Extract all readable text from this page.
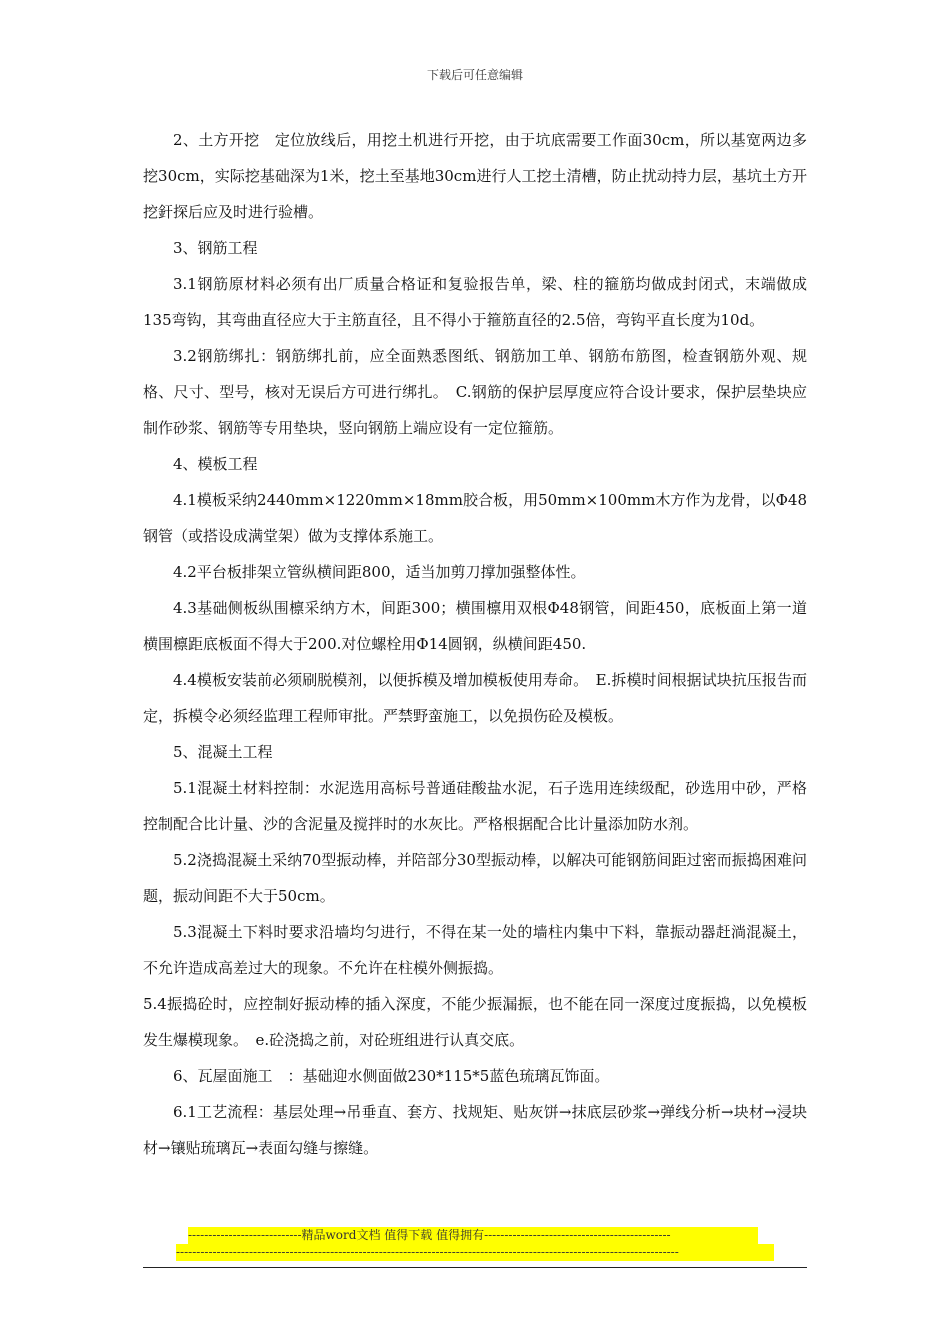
下载后可任意编辑

2、土方开挖　定位放线后，用挖土机进行开挖，由于坑底需要工作面30cm，所以基宽两边多挖30cm，实际挖基础深为1米，挖土至基地30cm进行人工挖土清槽，防止扰动持力层，基坑土方开挖釬探后应及时进行验槽。

3、钢筋工程

3.1钢筋原材料必须有出厂质量合格证和复验报告单，梁、柱的箍筋均做成封闭式，末端做成135弯钩，其弯曲直径应大于主筋直径，且不得小于箍筋直径的2.5倍，弯钩平直长度为10d。

3.2钢筋绑扎：钢筋绑扎前，应全面熟悉图纸、钢筋加工单、钢筋布筋图，检查钢筋外观、规格、尺寸、型号，核对无误后方可进行绑扎。　C.钢筋的保护层厚度应符合设计要求，保护层垫块应制作砂浆、钢筋等专用垫块，竖向钢筋上端应设有一定位箍筋。

4、模板工程

4.1模板采纳2440mm×1220mm×18mm胶合板，用50mm×100mm木方作为龙骨，以Φ48钢管（或搭设成满堂架）做为支撑体系施工。

4.2平台板排架立管纵横间距800，适当加剪刀撑加强整体性。

4.3基础侧板纵围檩采纳方木，间距300；横围檩用双根Φ48钢管，间距450，底板面上第一道横围檩距底板面不得大于200.对位螺栓用Φ14圆钢，纵横间距450.

4.4模板安装前必须刷脱模剂，以便拆模及增加模板使用寿命。　E.拆模时间根据试块抗压报告而定，拆模令必须经监理工程师审批。严禁野蛮施工，以免损伤砼及模板。

5、混凝土工程

5.1混凝土材料控制：水泥选用高标号普通硅酸盐水泥，石子选用连续级配，砂选用中砂，严格控制配合比计量、沙的含泥量及搅拌时的水灰比。严格根据配合比计量添加防水剂。

5.2浇捣混凝土采纳70型振动棒，并陪部分30型振动棒，以解决可能钢筋间距过密而振捣困难问题，振动间距不大于50cm。

5.3混凝土下料时要求沿墙均匀进行，不得在某一处的墙柱内集中下料，靠振动器赶淌混凝土，不允许造成高差过大的现象。不允许在柱模外侧振捣。

5.4振捣砼时，应控制好振动棒的插入深度，不能少振漏振，也不能在同一深度过度振捣，以免模板发生爆模现象。　e.砼浇捣之前，对砼班组进行认真交底。

6、瓦屋面施工　：基础迎水侧面做230*115*5蓝色琉璃瓦饰面。

6.1工艺流程：基层处理→吊垂直、套方、找规矩、贴灰饼→抹底层砂浆→弹线分析→块材→浸块材→镶贴琉璃瓦→表面勾缝与擦缝。

----------------------------精品word文档 值得下载 值得拥有----------------------------------------------
----------------------------------------------------------------------------------------------------------------------------
